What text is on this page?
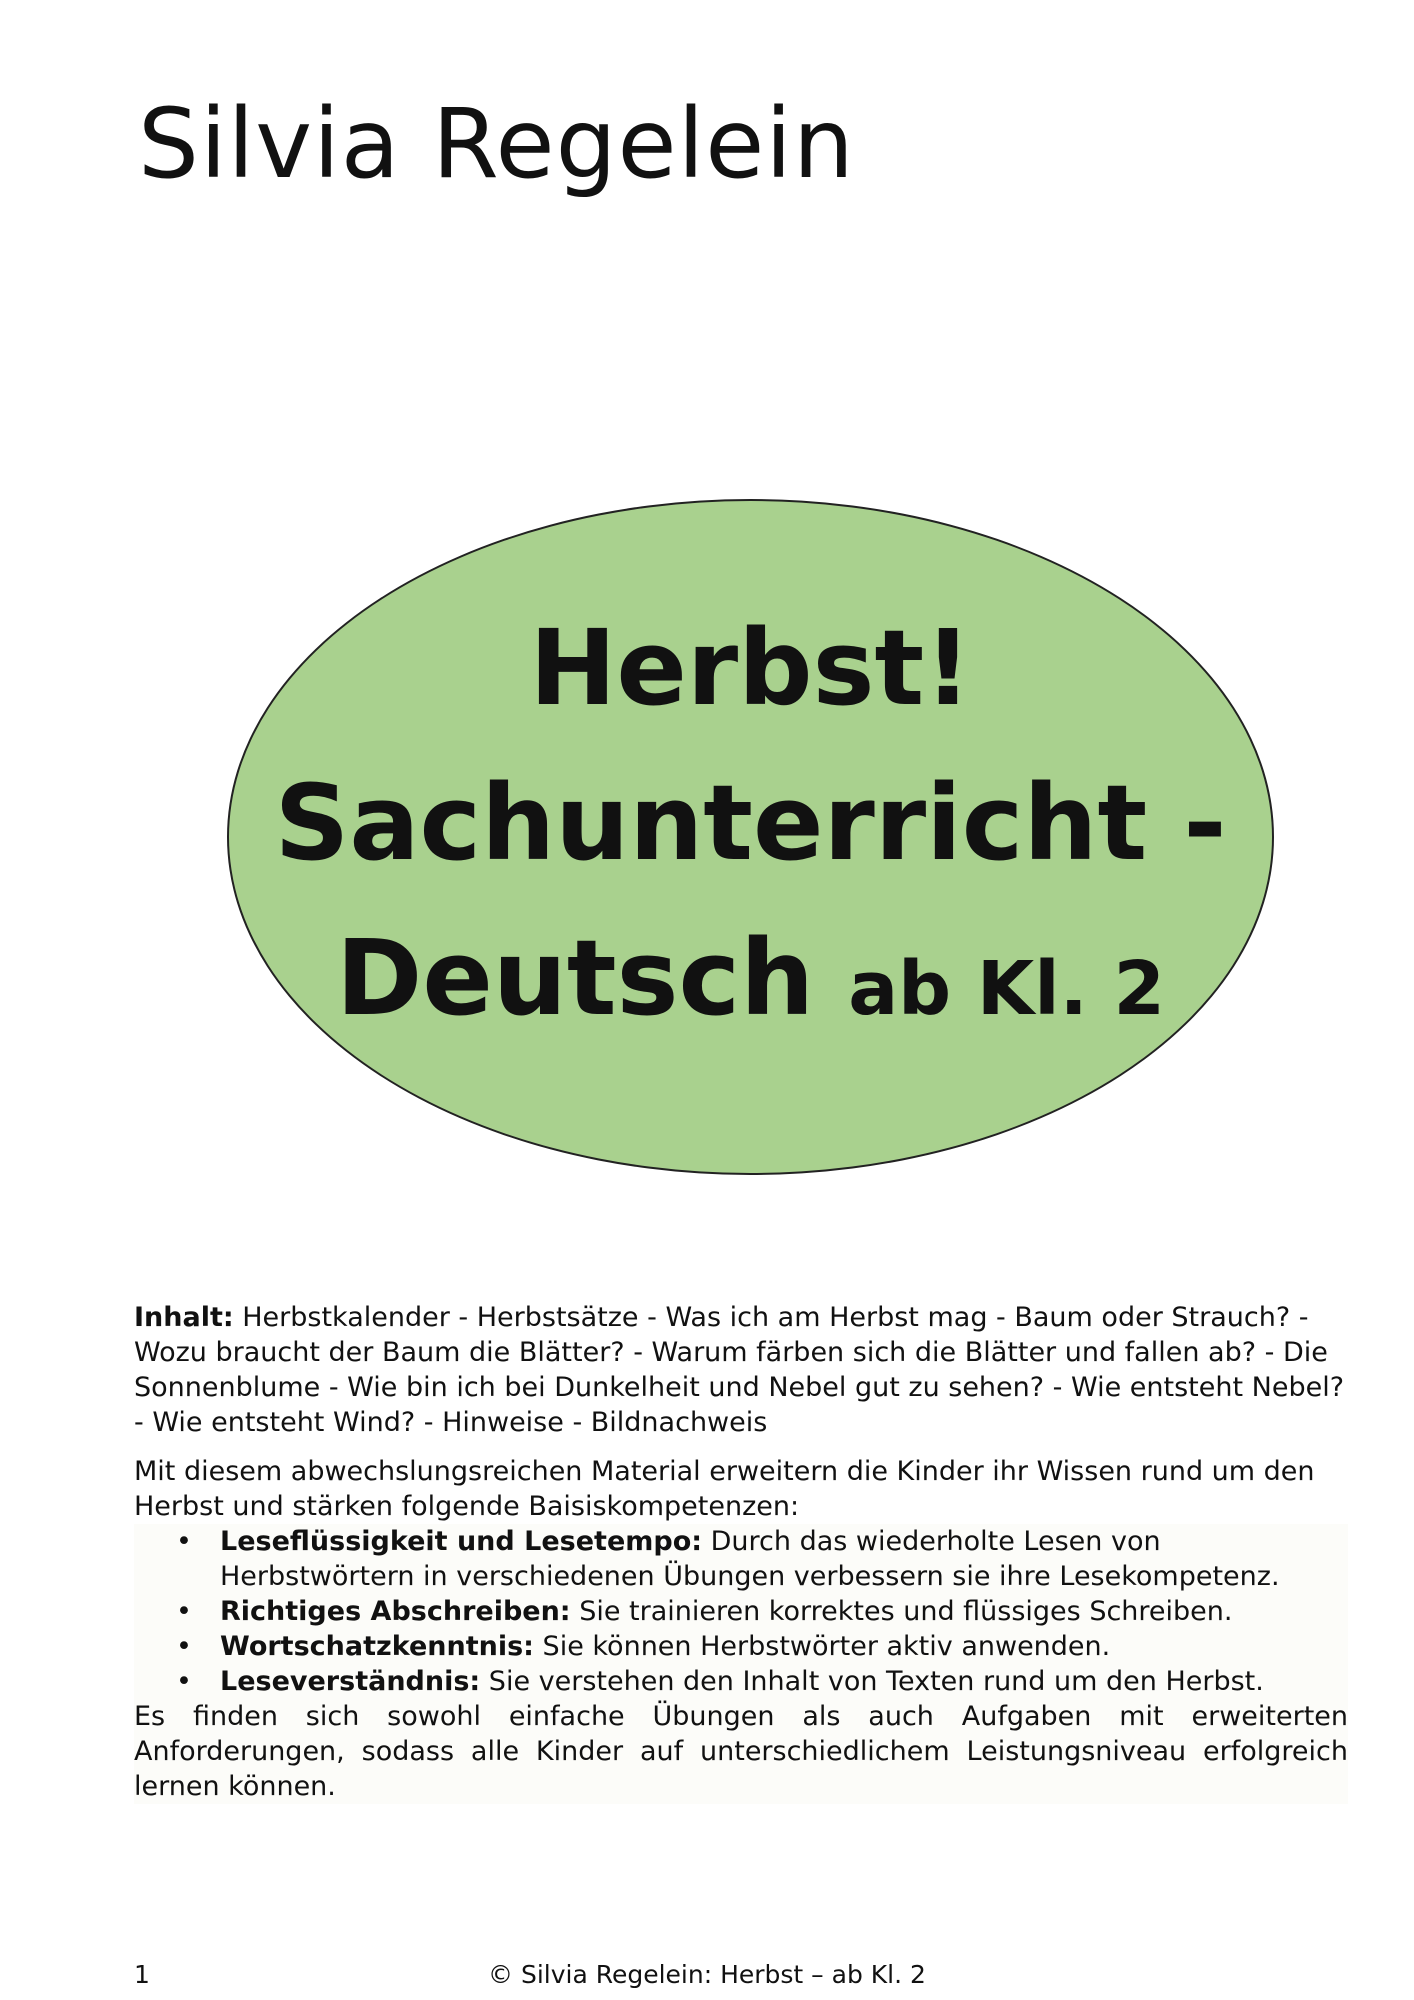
Silvia Regelein
Herbst!
Sachunterricht -
Deutsch ab Kl. 2

Inhalt: Herbstkalender - Herbstsätze - Was ich am Herbst mag - Baum oder Strauch? - Wozu braucht der Baum die Blätter? - Warum färben sich die Blätter und fallen ab? - Die Sonnenblume - Wie bin ich bei Dunkelheit und Nebel gut zu sehen? - Wie entsteht Nebel? - Wie entsteht Wind? - Hinweise - Bildnachweis

Mit diesem abwechslungsreichen Material erweitern die Kinder ihr Wissen rund um den Herbst und stärken folgende Baisiskompetenzen:

• Leseflüssigkeit und Lesetempo: Durch das wiederholte Lesen von Herbstwörtern in verschiedenen Übungen verbessern sie ihre Lesekompetenz.
• Richtiges Abschreiben: Sie trainieren korrektes und flüssiges Schreiben.
• Wortschatzkenntnis: Sie können Herbstwörter aktiv anwenden.
• Leseverständnis: Sie verstehen den Inhalt von Texten rund um den Herbst.

Es finden sich sowohl einfache Übungen als auch Aufgaben mit erweiterten Anforderungen, sodass alle Kinder auf unterschiedlichem Leistungsniveau erfolgreich lernen können.

1	© Silvia Regelein: Herbst – ab Kl. 2
